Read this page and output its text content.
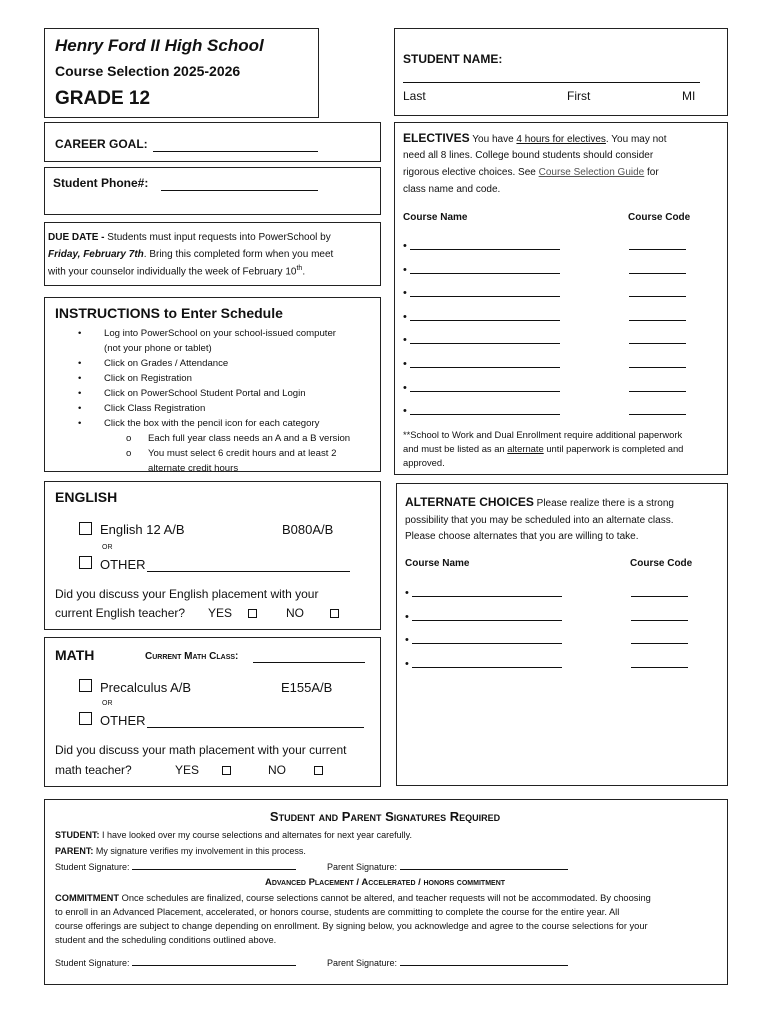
Henry Ford II High School
Course Selection 2025-2026
GRADE 12
STUDENT NAME:
Last	First	MI
CAREER GOAL:
Student Phone#:
DUE DATE - Students must input requests into PowerSchool by
Friday, February 7th. Bring this completed form when you meet
with your counselor individually the week of February 10th.
INSTRUCTIONS to Enter Schedule
• Log into PowerSchool on your school-issued computer
(not your phone or tablet)
• Click on Grades / Attendance
• Click on Registration
• Click on PowerSchool Student Portal and Login
• Click Class Registration
• Click the box with the pencil icon for each category
o Each full year class needs an A and a B version
o You must select 6 credit hours and at least 2
alternate credit hours
ENGLISH
English 12 A/B	B080A/B
OR
OTHER
Did you discuss your English placement with your
current English teacher? YES	NO
MATH	Current Math Class:
Precalculus A/B	E155A/B
OR
OTHER
Did you discuss your math placement with your current
math teacher?	YES	NO
ELECTIVES You have 4 hours for electives. You may not
need all 8 lines. College bound students should consider
rigorous elective choices. See Course Selection Guide for
class name and code.
Course Name	Course Code
•
•
•
•
•
•
•
•
**School to Work and Dual Enrollment require additional paperwork
and must be listed as an alternate until paperwork is completed and
approved.
ALTERNATE CHOICES Please realize there is a strong
possibility that you may be scheduled into an alternate class.
Please choose alternates that you are willing to take.
Course Name	Course Code
•
•
•
•
Student and Parent Signatures Required
STUDENT: I have looked over my course selections and alternates for next year carefully.
PARENT: My signature verifies my involvement in this process.
Student Signature:	Parent Signature:
Advanced Placement / Accelerated / honors commitment
COMMITMENT Once schedules are finalized, course selections cannot be altered, and teacher requests will not be accommodated. By choosing
to enroll in an Advanced Placement, accelerated, or honors course, students are committing to complete the course for the entire year. All
course offerings are subject to change depending on enrollment. By signing below, you acknowledge and agree to the course selections for your
student and the scheduling conditions outlined above.
Student Signature:	Parent Signature:
